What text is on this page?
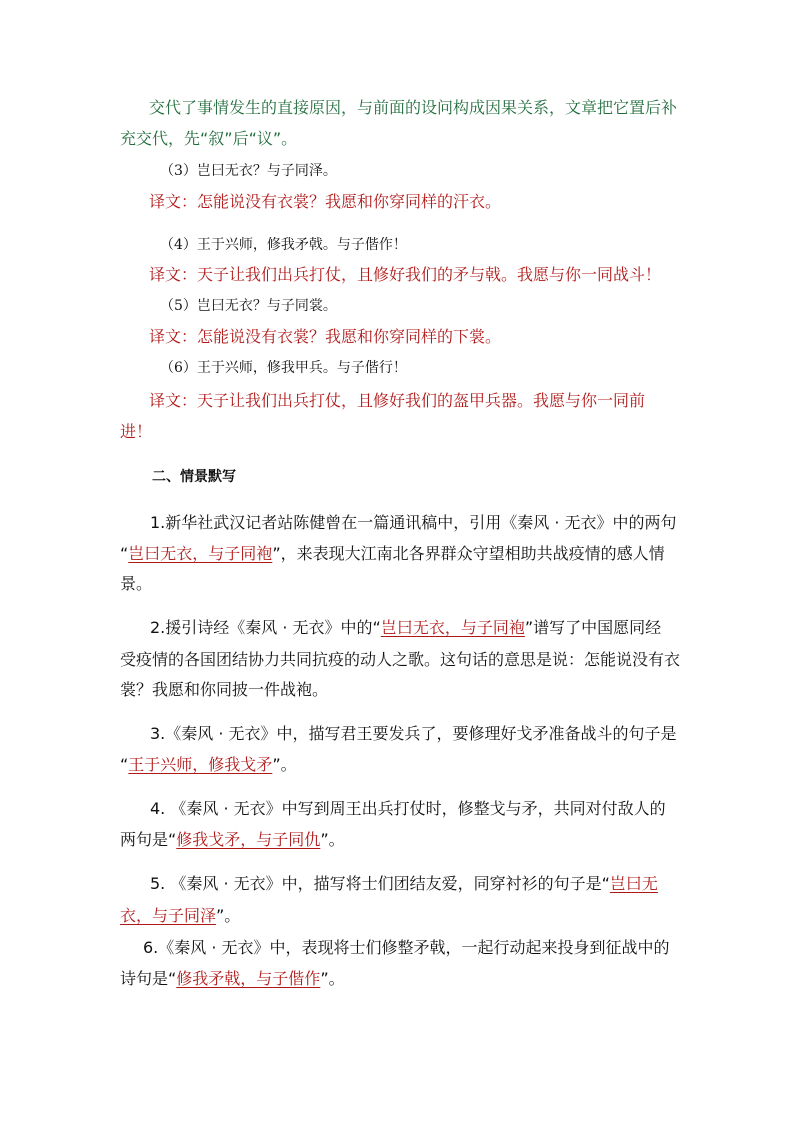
交代了事情发生的直接原因，与前面的设问构成因果关系，文章把它置后补
充交代，先“叙”后“议”。
（3）岂曰无衣？与子同泽。
译文：怎能说没有衣裳？我愿和你穿同样的汗衣。
（4）王于兴师，修我矛戟。与子偕作！
译文：天子让我们出兵打仗，且修好我们的矛与戟。我愿与你一同战斗！
（5）岂曰无衣？与子同裳。
译文：怎能说没有衣裳？我愿和你穿同样的下裳。
（6）王于兴师，修我甲兵。与子偕行！
译文：天子让我们出兵打仗，且修好我们的盔甲兵器。我愿与你一同前
进！
二、情景默写
1.新华社武汉记者站陈健曾在一篇通讯稿中，引用《秦风 · 无衣》中的两句
“岂曰无衣，与子同袍”，来表现大江南北各界群众守望相助共战疫情的感人情
景。
2.援引诗经《秦风 · 无衣》中的“岂曰无衣，与子同袍”谱写了中国愿同经
受疫情的各国团结协力共同抗疫的动人之歌。这句话的意思是说：怎能说没有衣
裳？我愿和你同披一件战袍。
3.《秦风 · 无衣》中，描写君王要发兵了，要修理好戈矛准备战斗的句子是
“王于兴师，修我戈矛”。
4. 《秦风 · 无衣》中写到周王出兵打仗时，修整戈与矛，共同对付敌人的
两句是“修我戈矛，与子同仇”。
5. 《秦风 · 无衣》中，描写将士们团结友爱，同穿衬衫的句子是“岂曰无
衣，与子同泽”。
6.《秦风 · 无衣》中，表现将士们修整矛戟，一起行动起来投身到征战中的
诗句是“修我矛戟，与子偕作”。
